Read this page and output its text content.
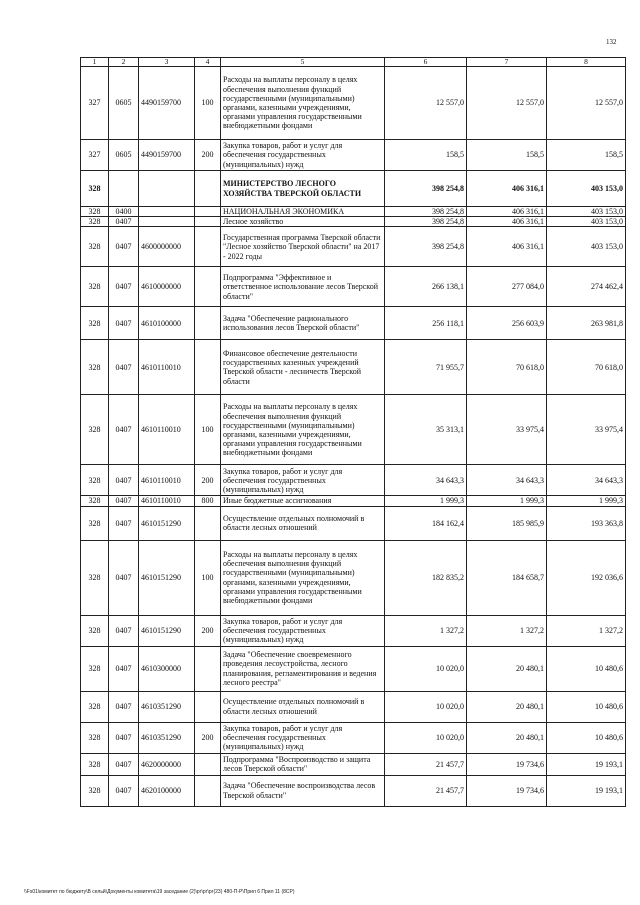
132
1	2	3	4	5	6	7	8
327	0605	4490159700	100	Расходы на выплаты персоналу в целях обеспечения выполнения функций государственными (муниципальными) органами, казенными учреждениями, органами управления государственными внебюджетными фондами	12 557,0	12 557,0	12 557,0
327	0605	4490159700	200	Закупка товаров, работ и услуг для обеспечения государственных (муниципальных) нужд	158,5	158,5	158,5
328				МИНИСТЕРСТВО ЛЕСНОГО ХОЗЯЙСТВА ТВЕРСКОЙ ОБЛАСТИ	398 254,8	406 316,1	403 153,0
328	0400			НАЦИОНАЛЬНАЯ ЭКОНОМИКА	398 254,8	406 316,1	403 153,0
328	0407			Лесное хозяйство	398 254,8	406 316,1	403 153,0
328	0407	4600000000		Государственная программа Тверской области "Лесное хозяйство Тверской области" на 2017 - 2022 годы	398 254,8	406 316,1	403 153,0
328	0407	4610000000		Подпрограмма "Эффективное и ответственное использование лесов Тверской области"	266 138,1	277 084,0	274 462,4
328	0407	4610100000		Задача "Обеспечение рационального использования лесов Тверской области"	256 118,1	256 603,9	263 981,8
328	0407	4610110010		Финансовое обеспечение деятельности государственных казенных учреждений Тверской области - лесничеств Тверской области	71 955,7	70 618,0	70 618,0
328	0407	4610110010	100	Расходы на выплаты персоналу в целях обеспечения выполнения функций государственными (муниципальными) органами, казенными учреждениями, органами управления государственными внебюджетными фондами	35 313,1	33 975,4	33 975,4
328	0407	4610110010	200	Закупка товаров, работ и услуг для обеспечения государственных (муниципальных) нужд	34 643,3	34 643,3	34 643,3
328	0407	4610110010	800	Иные бюджетные ассигнования	1 999,3	1 999,3	1 999,3
328	0407	4610151290		Осуществление отдельных полномочий в области лесных отношений	184 162,4	185 985,9	193 363,8
328	0407	4610151290	100	Расходы на выплаты персоналу в целях обеспечения выполнения функций государственными (муниципальными) органами, казенными учреждениями, органами управления государственными внебюджетными фондами	182 835,2	184 658,7	192 036,6
328	0407	4610151290	200	Закупка товаров, работ и услуг для обеспечения государственных (муниципальных) нужд	1 327,2	1 327,2	1 327,2
328	0407	4610300000		Задача "Обеспечение своевременного проведения лесоустройства, лесного планирования, регламентирования и ведения лесного реестра"	10 020,0	20 480,1	10 480,6
328	0407	4610351290		Осуществление отдельных полномочий в области лесных отношений	10 020,0	20 480,1	10 480,6
328	0407	4610351290	200	Закупка товаров, работ и услуг для обеспечения государственных (муниципальных) нужд	10 020,0	20 480,1	10 480,6
328	0407	4620000000		Подпрограмма "Воспроизводство и защита лесов Тверской области"	21 457,7	19 734,6	19 193,1
328	0407	4620100000		Задача "Обеспечение воспроизводства лесов Тверской области"	21 457,7	19 734,6	19 193,1
\\Fs01\комитет по бюджету\В сельй\Документы комитета\19 заседание (2)\рг\рг\рг(23) 480-П-Р\Прил 6 Прил 11 (8СР)
